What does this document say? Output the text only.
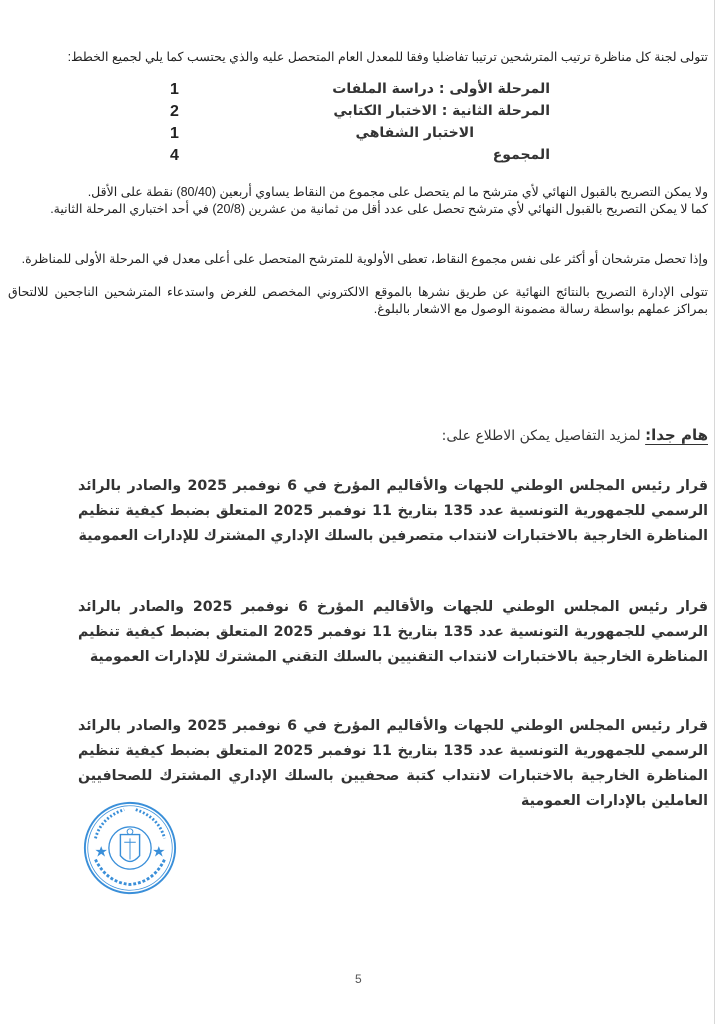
تتولى لجنة كل مناظرة ترتيب المترشحين ترتيبا تفاضليا وفقا للمعدل العام المتحصل عليه والذي يحتسب كما يلي لجميع الخطط:
المرحلة الأولى : دراسة الملفات
1
المرحلة الثانية : الاختبار الكتابي
2
الاختبار الشفاهي
1
المجموع
4
ولا يمكن التصريح بالقبول النهائي لأي مترشح ما لم يتحصل على مجموع من النقاط يساوي أربعين (80/40) نقطة على الأقل.
كما لا يمكن التصريح بالقبول النهائي لأي مترشح تحصل على عدد أقل من ثمانية من عشرين (20/8) في أحد اختباري المرحلة الثانية.
وإذا تحصل مترشحان أو أكثر على نفس مجموع النقاط، تعطى الأولوية للمترشح المتحصل على أعلى معدل في المرحلة الأولى للمناظرة.
تتولى الإدارة التصريح بالنتائج النهائية عن طريق نشرها بالموقع الالكتروني المخصص للغرض واستدعاء المترشحين الناجحين للالتحاق بمراكز عملهم بواسطة رسالة مضمونة الوصول مع الاشعار بالبلوغ.
هام جدا: لمزيد التفاصيل يمكن الاطلاع على:
قرار رئيس المجلس الوطني للجهات والأقاليم المؤرخ في 6 نوفمبر 2025 والصادر بالرائد الرسمي للجمهورية التونسية عدد 135 بتاريخ 11 نوفمبر 2025 المتعلق بضبط كيفية تنظيم المناظرة الخارجية بالاختبارات لانتداب متصرفين بالسلك الإداري المشترك للإدارات العمومية
قرار رئيس المجلس الوطني للجهات والأقاليم المؤرخ 6 نوفمبر 2025 والصادر بالرائد الرسمي للجمهورية التونسية عدد 135 بتاريخ 11 نوفمبر 2025 المتعلق بضبط كيفية تنظيم المناظرة الخارجية بالاختبارات لانتداب التقنيين بالسلك التقني المشترك للإدارات العمومية
قرار رئيس المجلس الوطني للجهات والأقاليم المؤرخ في 6 نوفمبر 2025 والصادر بالرائد الرسمي للجمهورية التونسية عدد 135 بتاريخ 11 نوفمبر 2025 المتعلق بضبط كيفية تنظيم المناظرة الخارجية بالاختبارات لانتداب كتبة صحفيين بالسلك الإداري المشترك للصحافيين العاملين بالإدارات العمومية
5
